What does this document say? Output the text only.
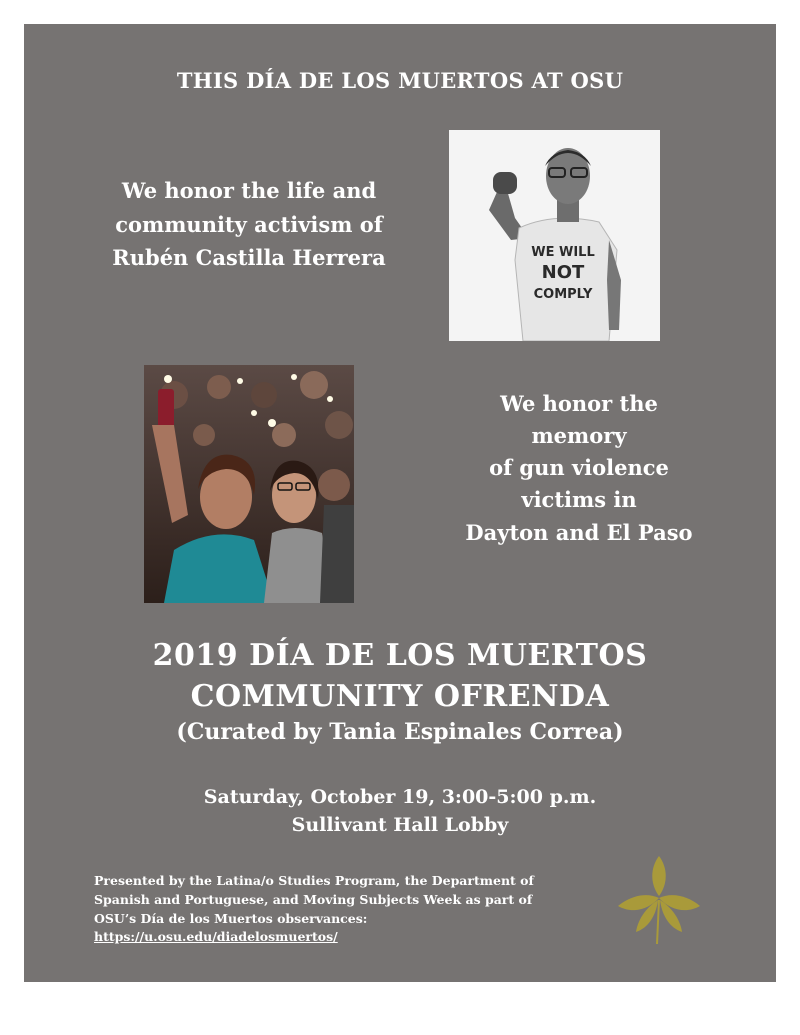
THIS DÍA DE LOS MUERTOS AT OSU

We honor the life and
community activism of
Rubén Castilla Herrera	WE WILL
NOT
COMPLY

We honor the
memory
of gun violence
victims in
Dayton and El Paso

2019 DÍA DE LOS MUERTOS
COMMUNITY OFRENDA

(Curated by Tania Espinales Correa)

Saturday, October 19, 3:00-5:00 p.m.
Sullivant Hall Lobby

Presented by the Latina/o Studies Program, the Department of
Spanish and Portuguese, and Moving Subjects Week as part of
OSU’s Día de los Muertos observances:
https://u.osu.edu/diadelosmuertos/
